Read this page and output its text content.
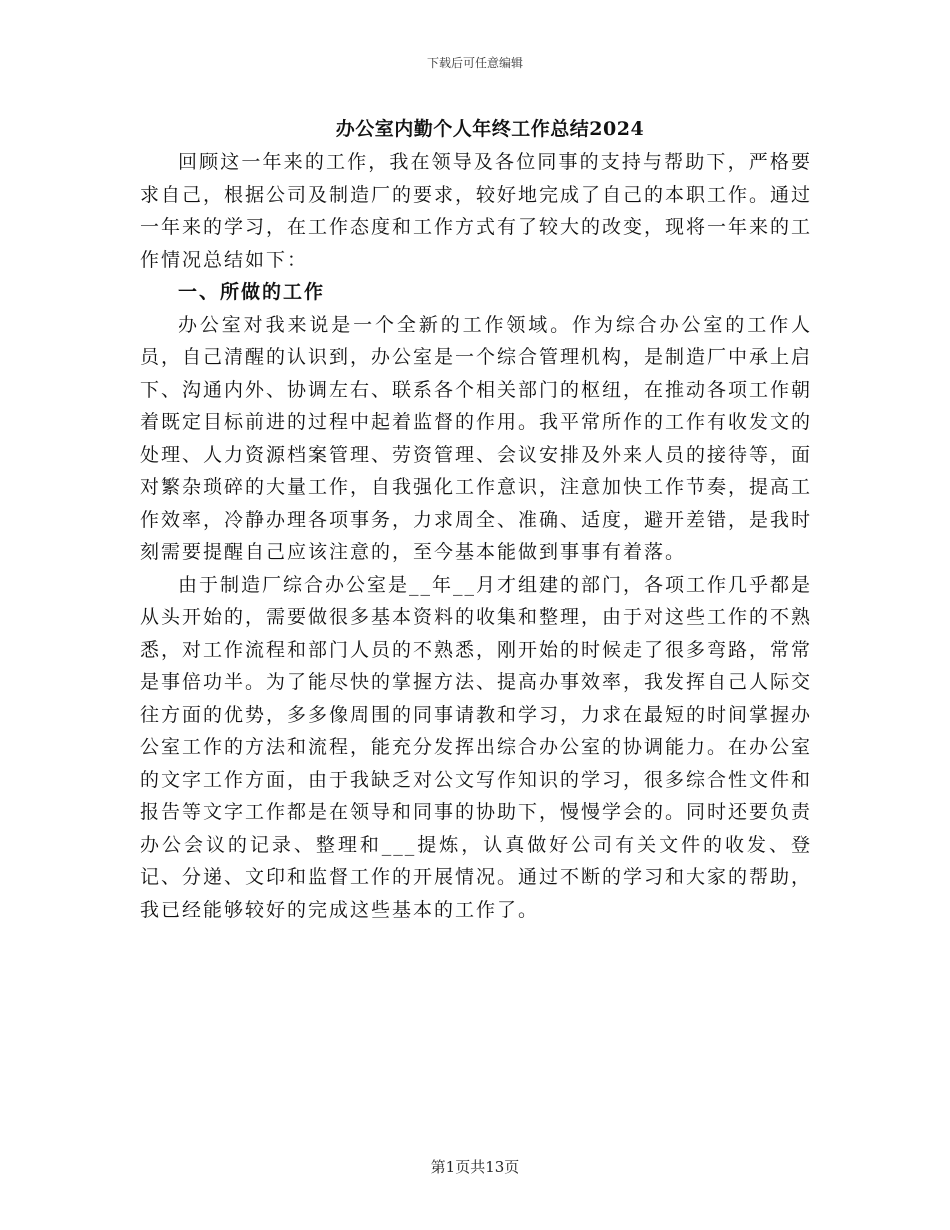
下载后可任意编辑
办公室内勤个人年终工作总结2024

回顾这一年来的工作，我在领导及各位同事的支持与帮助下，严格要求自己，根据公司及制造厂的要求，较好地完成了自己的本职工作。通过一年来的学习，在工作态度和工作方式有了较大的改变，现将一年来的工作情况总结如下：

一、所做的工作

办公室对我来说是一个全新的工作领域。作为综合办公室的工作人员，自己清醒的认识到，办公室是一个综合管理机构，是制造厂中承上启下、沟通内外、协调左右、联系各个相关部门的枢纽，在推动各项工作朝着既定目标前进的过程中起着监督的作用。我平常所作的工作有收发文的处理、人力资源档案管理、劳资管理、会议安排及外来人员的接待等，面对繁杂琐碎的大量工作，自我强化工作意识，注意加快工作节奏，提高工作效率，冷静办理各项事务，力求周全、准确、适度，避开差错，是我时刻需要提醒自己应该注意的，至今基本能做到事事有着落。

由于制造厂综合办公室是__年__月才组建的部门，各项工作几乎都是从头开始的，需要做很多基本资料的收集和整理，由于对这些工作的不熟悉，对工作流程和部门人员的不熟悉，刚开始的时候走了很多弯路，常常是事倍功半。为了能尽快的掌握方法、提高办事效率，我发挥自己人际交往方面的优势，多多像周围的同事请教和学习，力求在最短的时间掌握办公室工作的方法和流程，能充分发挥出综合办公室的协调能力。在办公室的文字工作方面，由于我缺乏对公文写作知识的学习，很多综合性文件和报告等文字工作都是在领导和同事的协助下，慢慢学会的。同时还要负责办公会议的记录、整理和___提炼，认真做好公司有关文件的收发、登记、分递、文印和监督工作的开展情况。通过不断的学习和大家的帮助，我已经能够较好的完成这些基本的工作了。

第1页共13页
